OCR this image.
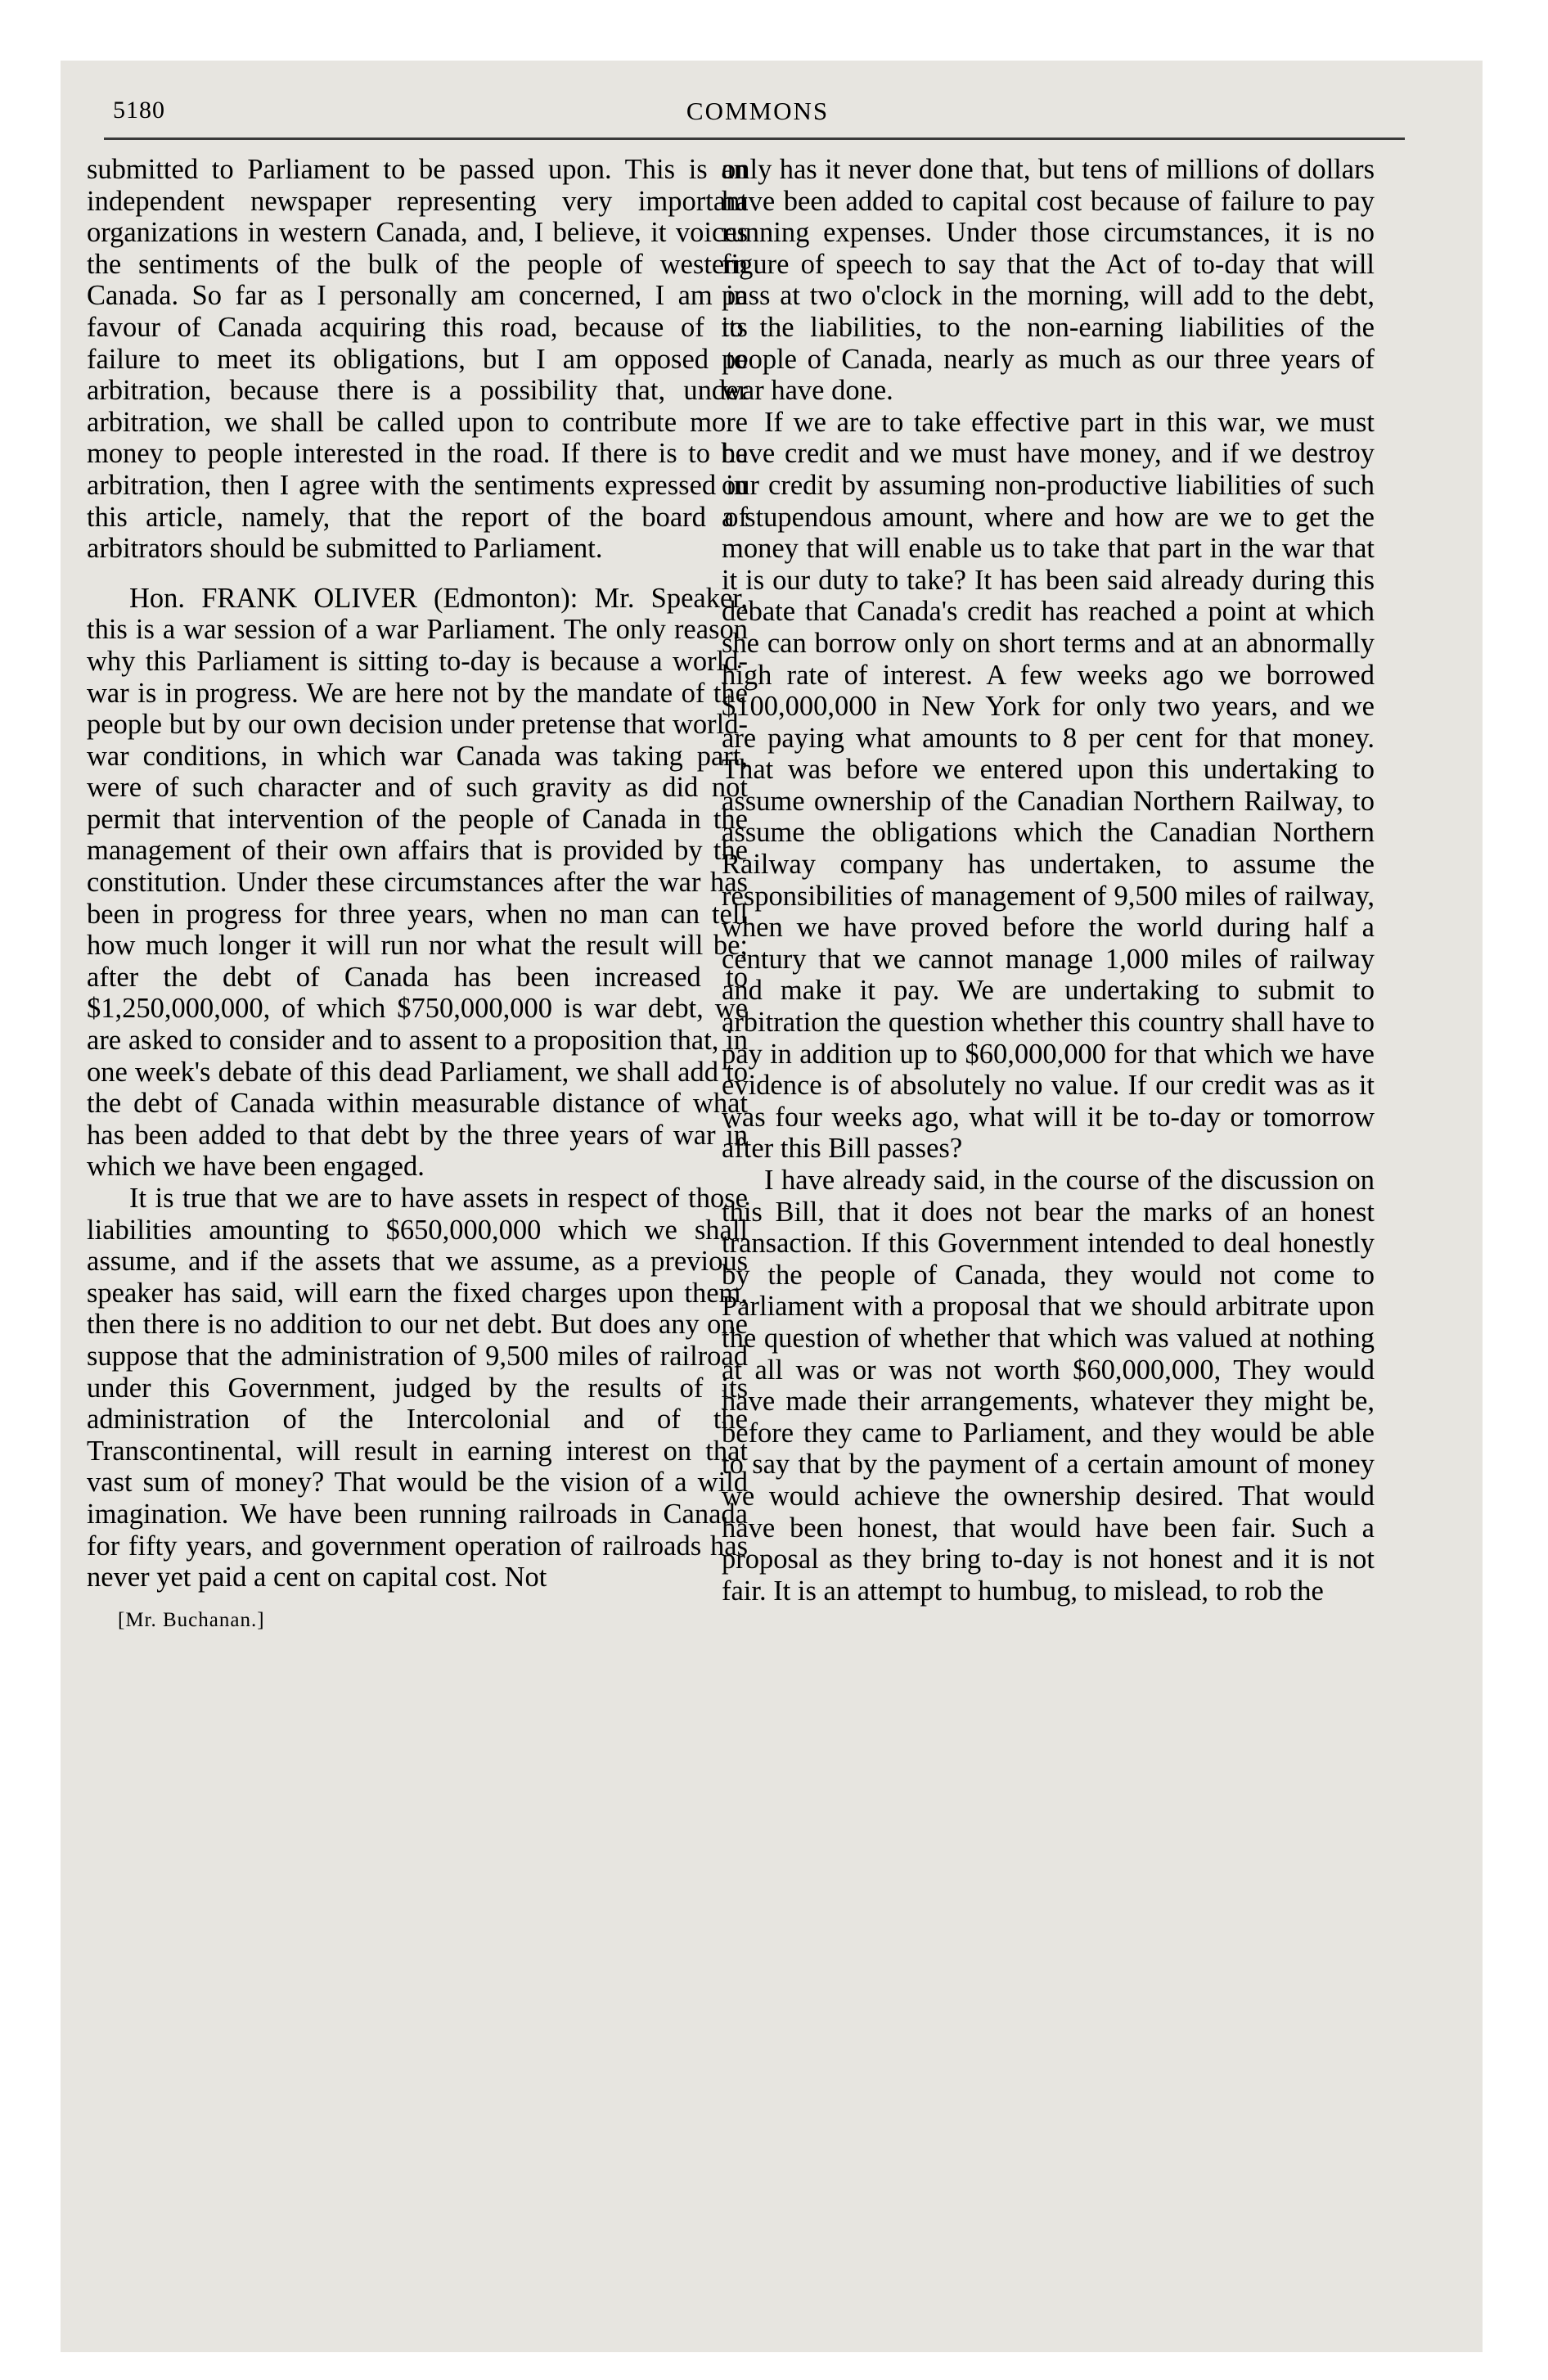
5180	COMMONS

submitted to Parliament to be passed upon. This is an independent newspaper representing very important organizations in western Canada, and, I believe, it voices the sentiments of the bulk of the people of western Canada. So far as I personally am concerned, I am in favour of Canada acquiring this road, because of its failure to meet its obligations, but I am opposed to arbitration, because there is a possibility that, under arbitration, we shall be called upon to contribute more money to people interested in the road. If there is to be arbitration, then I agree with the sentiments expressed in this article, namely, that the report of the board of arbitrators should be submitted to Parliament.

Hon. FRANK OLIVER (Edmonton): Mr. Speaker, this is a war session of a war Parliament. The only reason why this Parliament is sitting to-day is because a world-war is in progress. We are here not by the mandate of the people but by our own decision under pretense that world-war conditions, in which war Canada was taking part, were of such character and of such gravity as did not permit that intervention of the people of Canada in the management of their own affairs that is provided by the constitution. Under these circumstances after the war has been in progress for three years, when no man can tell how much longer it will run nor what the result will be; after the debt of Canada has been increased to $1,250,000,000, of which $750,000,000 is war debt, we are asked to consider and to assent to a proposition that, in one week's debate of this dead Parliament, we shall add to the debt of Canada within measurable distance of what has been added to that debt by the three years of war in which we have been engaged.

It is true that we are to have assets in respect of those liabilities amounting to $650,000,000 which we shall assume, and if the assets that we assume, as a previous speaker has said, will earn the fixed charges upon them, then there is no addition to our net debt. But does any one suppose that the administration of 9,500 miles of railroad under this Government, judged by the results of its administration of the Intercolonial and of the Transcontinental, will result in earning interest on that vast sum of money? That would be the vision of a wild imagination. We have been running railroads in Canada for fifty years, and government operation of railroads has never yet paid a cent on capital cost. Not

[Mr. Buchanan.]

only has it never done that, but tens of millions of dollars have been added to capital cost because of failure to pay running expenses. Under those circumstances, it is no figure of speech to say that the Act of to-day that will pass at two o'clock in the morning, will add to the debt, to the liabilities, to the non-earning liabilities of the people of Canada, nearly as much as our three years of war have done.

If we are to take effective part in this war, we must have credit and we must have money, and if we destroy our credit by assuming non-productive liabilities of such a stupendous amount, where and how are we to get the money that will enable us to take that part in the war that it is our duty to take? It has been said already during this debate that Canada's credit has reached a point at which she can borrow only on short terms and at an abnormally high rate of interest. A few weeks ago we borrowed $100,000,000 in New York for only two years, and we are paying what amounts to 8 per cent for that money. That was before we entered upon this undertaking to assume ownership of the Canadian Northern Railway, to assume the obligations which the Canadian Northern Railway company has undertaken, to assume the responsibilities of management of 9,500 miles of railway, when we have proved before the world during half a century that we cannot manage 1,000 miles of railway and make it pay. We are undertaking to submit to arbitration the question whether this country shall have to pay in addition up to $60,000,000 for that which we have evidence is of absolutely no value. If our credit was as it was four weeks ago, what will it be to-day or tomorrow after this Bill passes?

I have already said, in the course of the discussion on this Bill, that it does not bear the marks of an honest transaction. If this Government intended to deal honestly by the people of Canada, they would not come to Parliament with a proposal that we should arbitrate upon the question of whether that which was valued at nothing at all was or was not worth $60,000,000, They would have made their arrangements, whatever they might be, before they came to Parliament, and they would be able to say that by the payment of a certain amount of money we would achieve the ownership desired. That would have been honest, that would have been fair. Such a proposal as they bring to-day is not honest and it is not fair. It is an attempt to humbug, to mislead, to rob the
